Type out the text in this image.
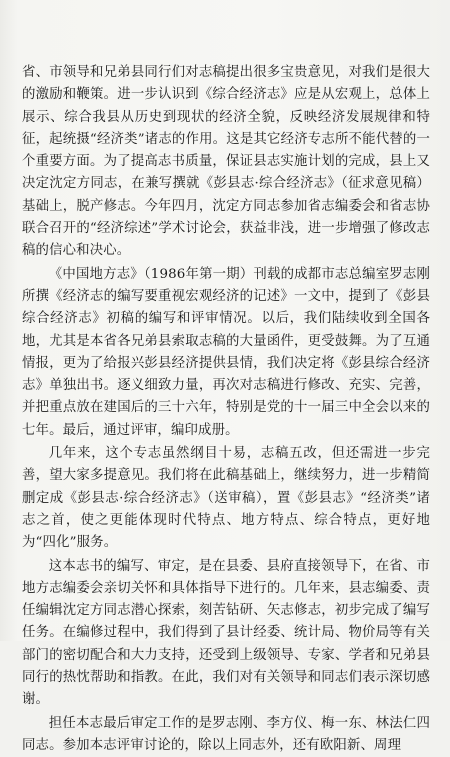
省、市领导和兄弟县同行们对志稿提出很多宝贵意见，对我们是很大的激励和鞭策。进一步认识到《综合经济志》应是从宏观上，总体上展示、综合我县从历史到现状的经济全貌，反映经济发展规律和特征，起统摄“经济类”诸志的作用。这是其它经济专志所不能代替的一个重要方面。为了提高志书质量，保证县志实施计划的完成，县上又决定沈定方同志，在兼写撰就《彭县志·综合经济志》（征求意见稿）基础上，脱产修志。今年四月，沈定方同志参加省志编委会和省志协联合召开的“经济综述”学术讨论会，获益非浅，进一步增强了修改志稿的信心和决心。

《中国地方志》（1986年第一期）刊载的成都市志总编室罗志刚所撰《经济志的编写要重视宏观经济的记述》一文中，提到了《彭县综合经济志》初稿的编写和评审情况。以后，我们陆续收到全国各地，尤其是本省各兄弟县索取志稿的大量函件，更受鼓舞。为了互通情报，更为了给报兴彭县经济提供县情，我们决定将《彭县综合经济志》单独出书。逐义细致力量，再次对志稿进行修改、充实、完善，并把重点放在建国后的三十六年，特别是党的十一届三中全会以来的七年。最后，通过评审，编印成册。

几年来，这个专志虽然纲目十易，志稿五改，但还需进一步完善，望大家多提意见。我们将在此稿基础上，继续努力，进一步精简删定成《彭县志·综合经济志》（送审稿），置《彭县志》“经济类”诸志之首，使之更能体现时代特点、地方特点、综合特点，更好地为“四化”服务。

这本志书的编写、审定，是在县委、县府直接领导下，在省、市地方志编委会亲切关怀和具体指导下进行的。几年来，县志编委、责任编辑沈定方同志潜心探索，刻苦钻研、矢志修志，初步完成了编写任务。在编修过程中，我们得到了县计经委、统计局、物价局等有关部门的密切配合和大力支持，还受到上级领导、专家、学者和兄弟县同行的热忱帮助和指教。在此，我们对有关领导和同志们表示深切感谢。

担任本志最后审定工作的是罗志刚、李方仪、梅一东、林法仁四同志。参加本志评审讨论的，除以上同志外，还有欧阳新、周理
